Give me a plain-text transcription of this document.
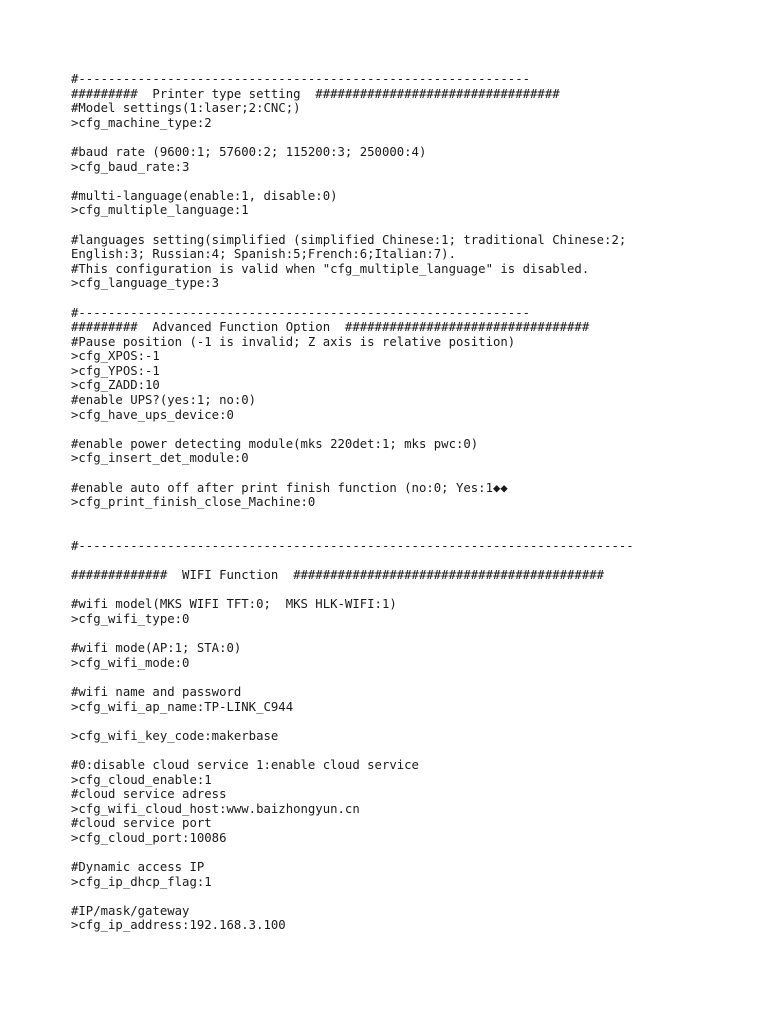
#-------------------------------------------------------------
#########  Printer type setting  #################################
#Model settings(1:laser;2:CNC;)
>cfg_machine_type:2
#baud rate (9600:1; 57600:2; 115200:3; 250000:4)
>cfg_baud_rate:3
#multi-language(enable:1, disable:0)
>cfg_multiple_language:1
#languages setting(simplified (simplified Chinese:1; traditional Chinese:2;
English:3; Russian:4; Spanish:5;French:6;Italian:7).
#This configuration is valid when "cfg_multiple_language" is disabled.
>cfg_language_type:3
#-------------------------------------------------------------
#########  Advanced Function Option  #################################
#Pause position (-1 is invalid; Z axis is relative position)
>cfg_XPOS:-1
>cfg_YPOS:-1
>cfg_ZADD:10
#enable UPS?(yes:1; no:0)
>cfg_have_ups_device:0
#enable power detecting module(mks 220det:1; mks pwc:0)
>cfg_insert_det_module:0
#enable auto off after print finish function (no:0; Yes:1◆◆
>cfg_print_finish_close_Machine:0
#---------------------------------------------------------------------------
#############  WIFI Function  ##########################################
#wifi model(MKS WIFI TFT:0;  MKS HLK-WIFI:1)
>cfg_wifi_type:0
#wifi mode(AP:1; STA:0)
>cfg_wifi_mode:0
#wifi name and password
>cfg_wifi_ap_name:TP-LINK_C944
>cfg_wifi_key_code:makerbase
#0:disable cloud service 1:enable cloud service
>cfg_cloud_enable:1
#cloud service adress
>cfg_wifi_cloud_host:www.baizhongyun.cn
#cloud service port
>cfg_cloud_port:10086
#Dynamic access IP
>cfg_ip_dhcp_flag:1
#IP/mask/gateway
>cfg_ip_address:192.168.3.100
